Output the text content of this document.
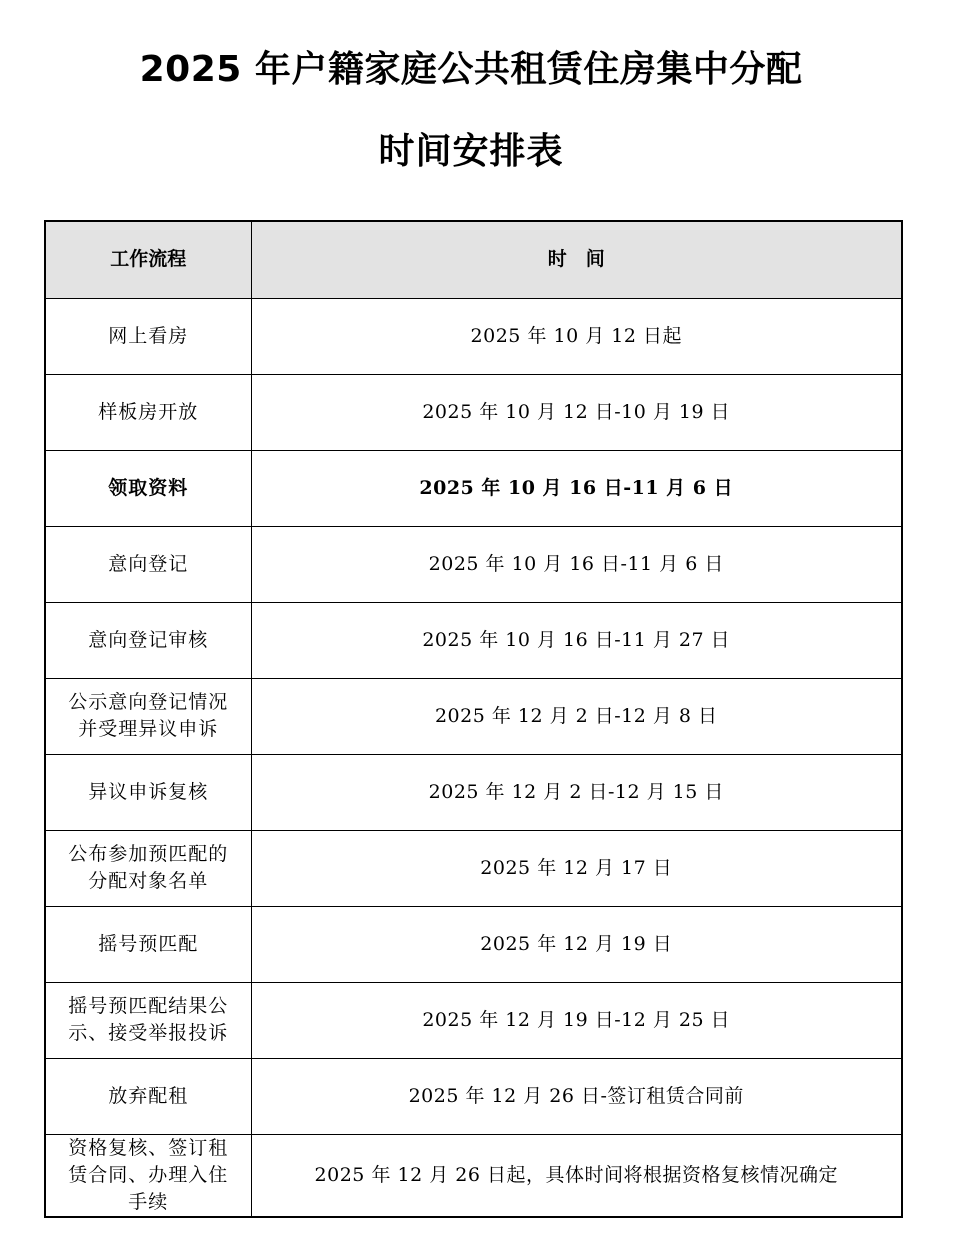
2025 年户籍家庭公共租赁住房集中分配
时间安排表
工作流程	时　间
网上看房	2025 年 10 月 12 日起
样板房开放	2025 年 10 月 12 日-10 月 19 日
领取资料	2025 年 10 月 16 日-11 月 6 日
意向登记	2025 年 10 月 16 日-11 月 6 日
意向登记审核	2025 年 10 月 16 日-11 月 27 日
公示意向登记情况并受理异议申诉	2025 年 12 月 2 日-12 月 8 日
异议申诉复核	2025 年 12 月 2 日-12 月 15 日
公布参加预匹配的分配对象名单	2025 年 12 月 17 日
摇号预匹配	2025 年 12 月 19 日
摇号预匹配结果公示、接受举报投诉	2025 年 12 月 19 日-12 月 25 日
放弃配租	2025 年 12 月 26 日-签订租赁合同前
资格复核、签订租赁合同、办理入住手续	2025 年 12 月 26 日起，具体时间将根据资格复核情况确定
